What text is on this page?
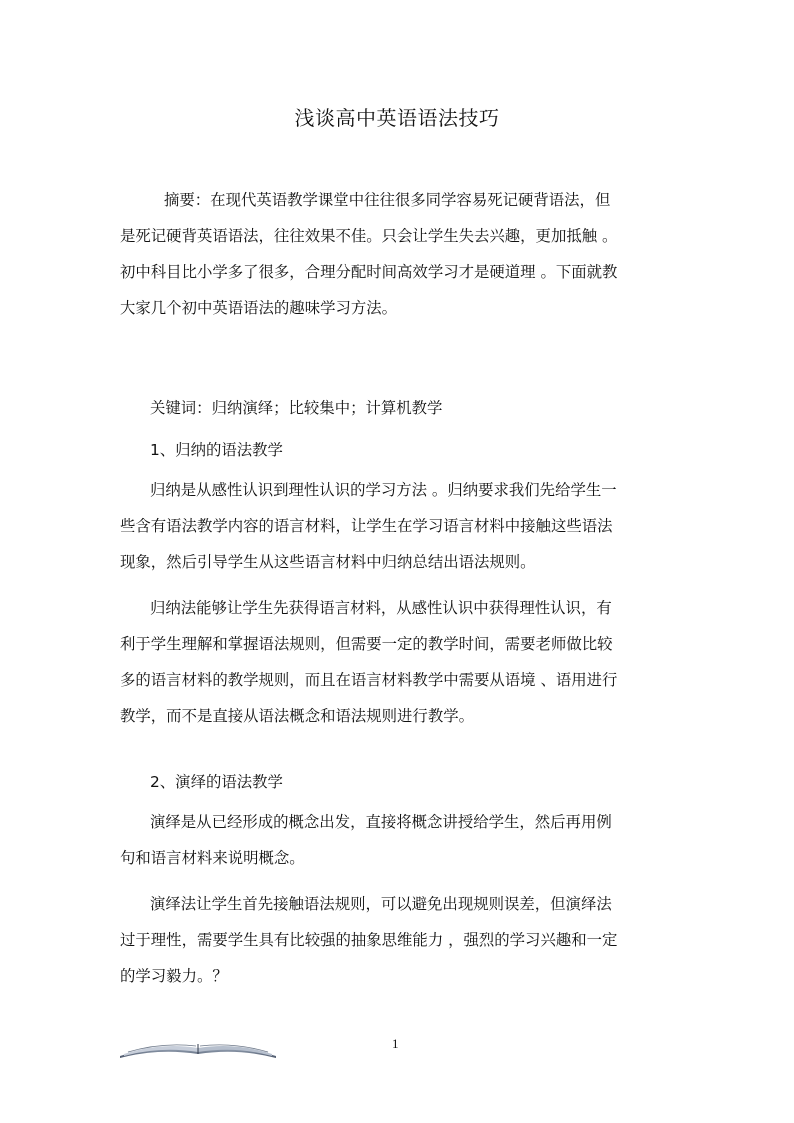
浅谈高中英语语法技巧
摘要：在现代英语教学课堂中往往很多同学容易死记硬背语法，但
是死记硬背英语语法，往往效果不佳。只会让学生失去兴趣，更加抵触 。
初中科目比小学多了很多，合理分配时间高效学习才是硬道理 。下面就教
大家几个初中英语语法的趣味学习方法。
关键词：归纳演绎；比较集中；计算机教学
1、归纳的语法教学
归纳是从感性认识到理性认识的学习方法 。归纳要求我们先给学生一
些含有语法教学内容的语言材料，让学生在学习语言材料中接触这些语法
现象，然后引导学生从这些语言材料中归纳总结出语法规则。
归纳法能够让学生先获得语言材料，从感性认识中获得理性认识，有
利于学生理解和掌握语法规则，但需要一定的教学时间，需要老师做比较
多的语言材料的教学规则，而且在语言材料教学中需要从语境 、语用进行
教学，而不是直接从语法概念和语法规则进行教学。
2、演绎的语法教学
演绎是从已经形成的概念出发，直接将概念讲授给学生，然后再用例
句和语言材料来说明概念。
演绎法让学生首先接触语法规则，可以避免出现规则误差，但演绎法
过于理性，需要学生具有比较强的抽象思维能力 ，强烈的学习兴趣和一定
的学习毅力。？
1
